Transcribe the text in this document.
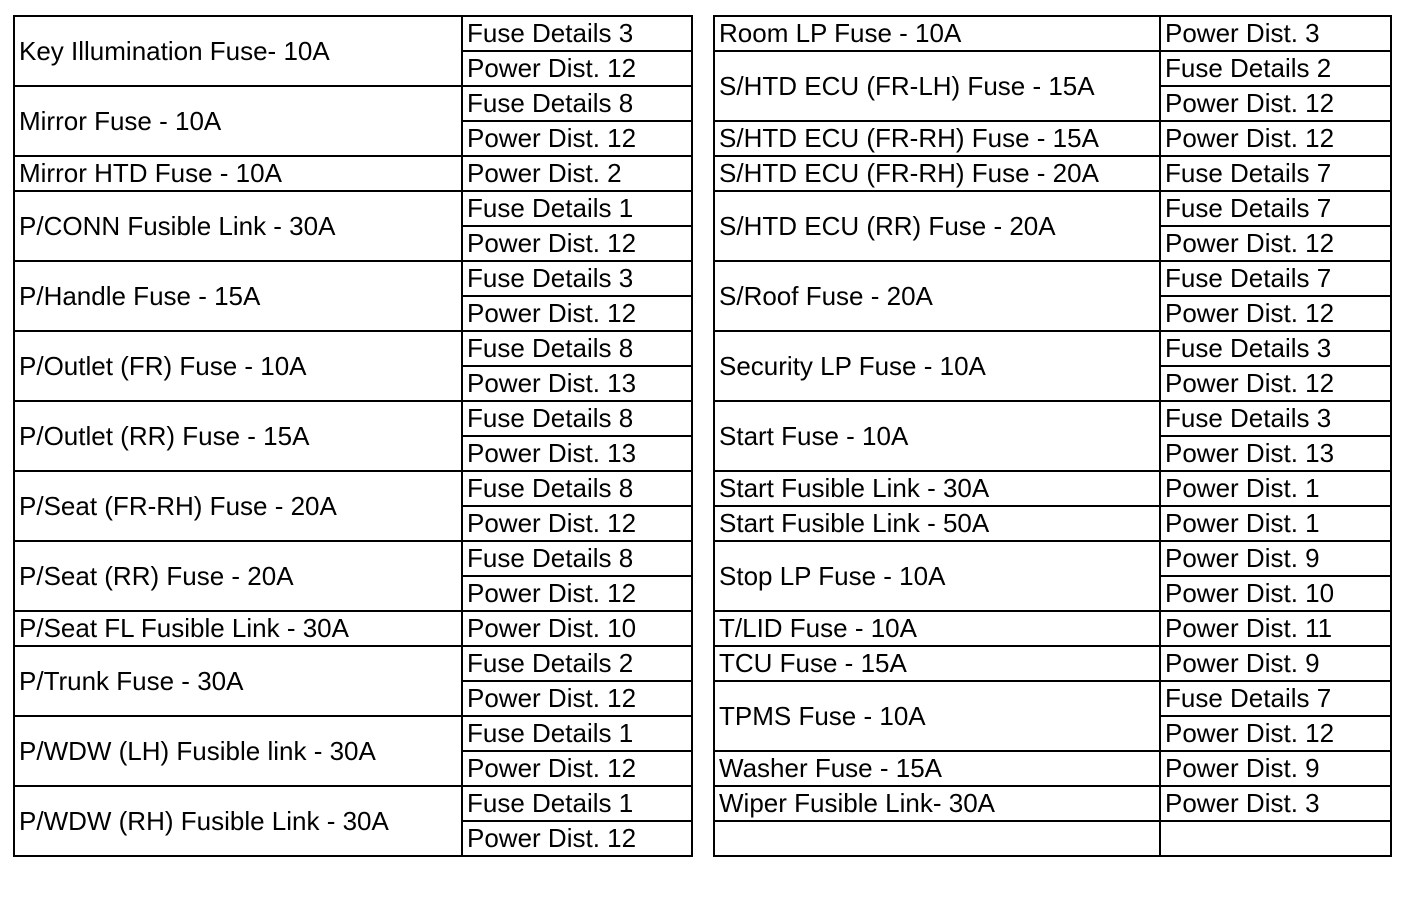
Key Illumination Fuse- 10A	Fuse Details 3
	Power Dist. 12
Mirror Fuse - 10A	Fuse Details 8
	Power Dist. 12
Mirror HTD Fuse - 10A	Power Dist. 2
P/CONN Fusible Link - 30A	Fuse Details 1
	Power Dist. 12
P/Handle Fuse - 15A	Fuse Details 3
	Power Dist. 12
P/Outlet (FR) Fuse - 10A	Fuse Details 8
	Power Dist. 13
P/Outlet (RR) Fuse - 15A	Fuse Details 8
	Power Dist. 13
P/Seat (FR-RH) Fuse - 20A	Fuse Details 8
	Power Dist. 12
P/Seat (RR) Fuse - 20A	Fuse Details 8
	Power Dist. 12
P/Seat FL Fusible Link - 30A	Power Dist. 10
P/Trunk Fuse - 30A	Fuse Details 2
	Power Dist. 12
P/WDW (LH) Fusible link - 30A	Fuse Details 1
	Power Dist. 12
P/WDW (RH) Fusible Link - 30A	Fuse Details 1
	Power Dist. 12
Room LP Fuse - 10A	Power Dist. 3
S/HTD ECU (FR-LH) Fuse - 15A	Fuse Details 2
	Power Dist. 12
S/HTD ECU (FR-RH) Fuse - 15A	Power Dist. 12
S/HTD ECU (FR-RH) Fuse - 20A	Fuse Details 7
S/HTD ECU (RR) Fuse - 20A	Fuse Details 7
	Power Dist. 12
S/Roof Fuse - 20A	Fuse Details 7
	Power Dist. 12
Security LP Fuse - 10A	Fuse Details 3
	Power Dist. 12
Start Fuse - 10A	Fuse Details 3
	Power Dist. 13
Start Fusible Link - 30A	Power Dist. 1
Start Fusible Link - 50A	Power Dist. 1
Stop LP Fuse - 10A	Power Dist. 9
	Power Dist. 10
T/LID Fuse - 10A	Power Dist. 11
TCU Fuse - 15A	Power Dist. 9
TPMS Fuse - 10A	Fuse Details 7
	Power Dist. 12
Washer Fuse - 15A	Power Dist. 9
Wiper Fusible Link- 30A	Power Dist. 3
